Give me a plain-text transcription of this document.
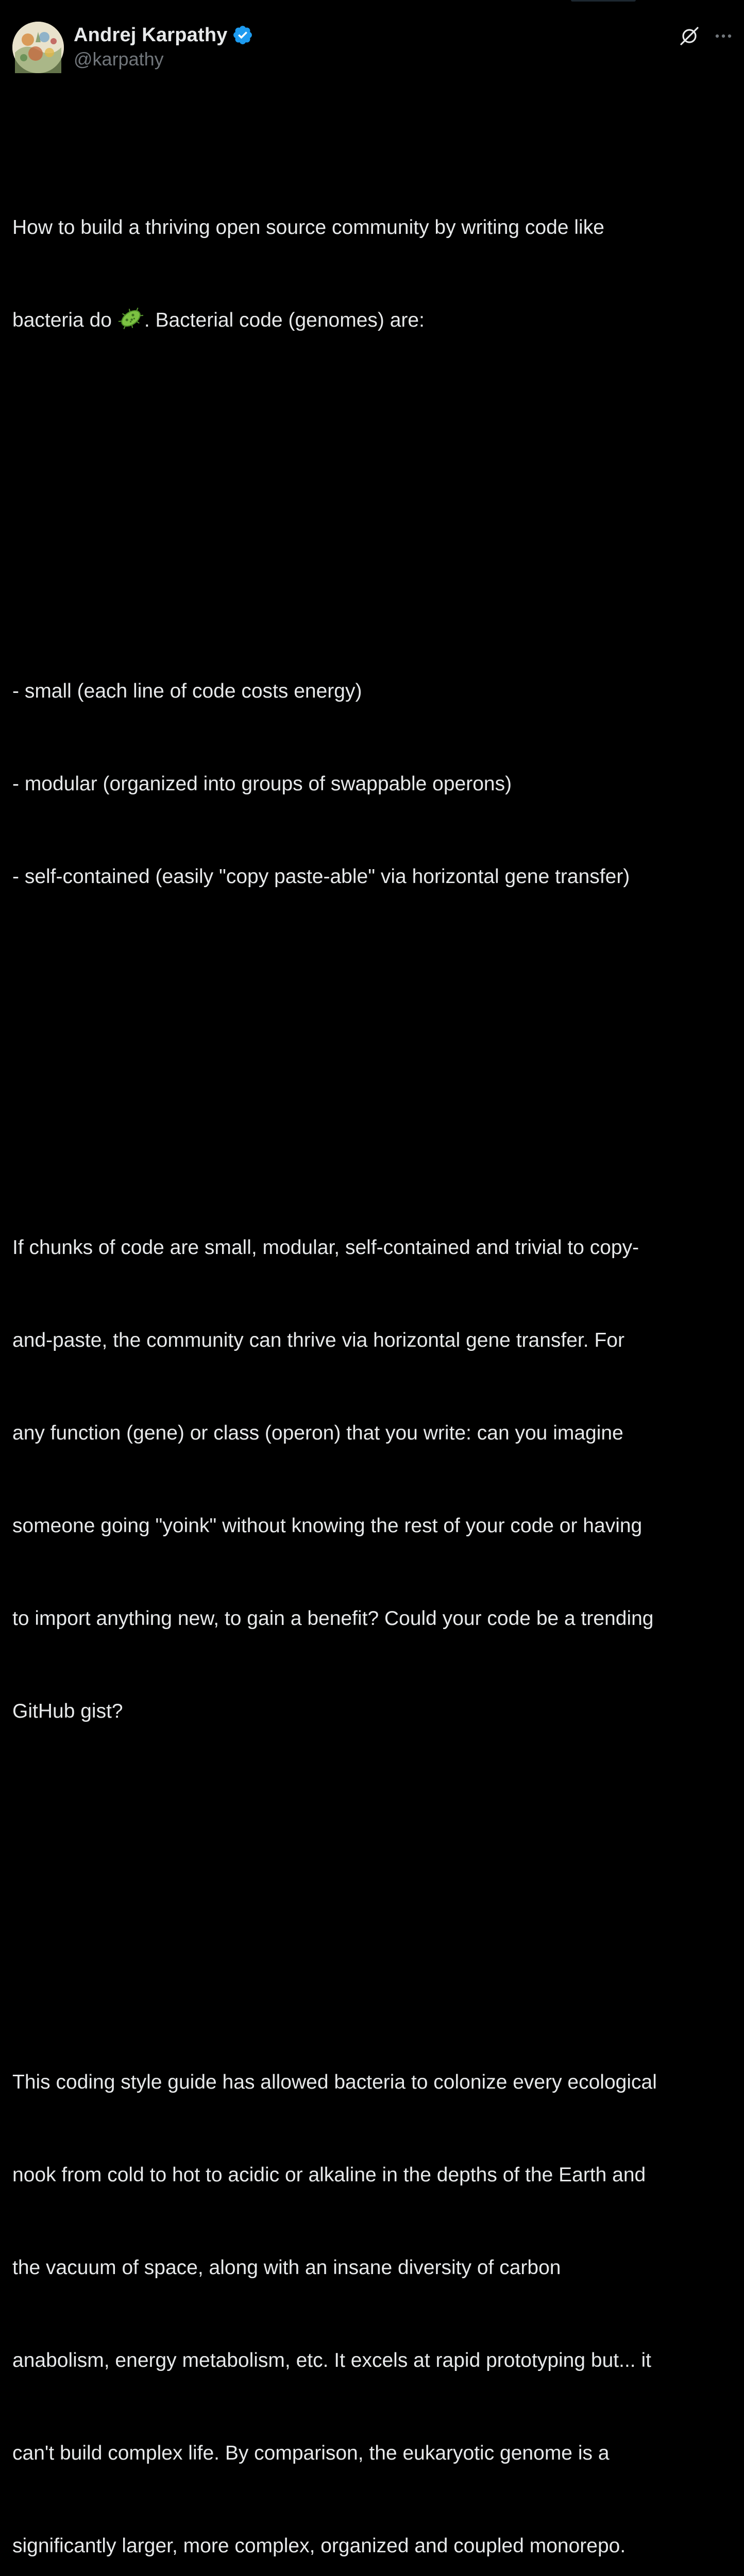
Andrej Karpathy
@karpathy

How to build a thriving open source community by writing code like

bacteria do . Bacterial code (genomes) are:

- small (each line of code costs energy)

- modular (organized into groups of swappable operons)

- self-contained (easily "copy paste-able" via horizontal gene transfer)

If chunks of code are small, modular, self-contained and trivial to copy-

and-paste, the community can thrive via horizontal gene transfer. For

any function (gene) or class (operon) that you write: can you imagine

someone going "yoink" without knowing the rest of your code or having

to import anything new, to gain a benefit? Could your code be a trending

GitHub gist?

This coding style guide has allowed bacteria to colonize every ecological

nook from cold to hot to acidic or alkaline in the depths of the Earth and

the vacuum of space, along with an insane diversity of carbon

anabolism, energy metabolism, etc. It excels at rapid prototyping but... it

can't build complex life. By comparison, the eukaryotic genome is a

significantly larger, more complex, organized and coupled monorepo.
